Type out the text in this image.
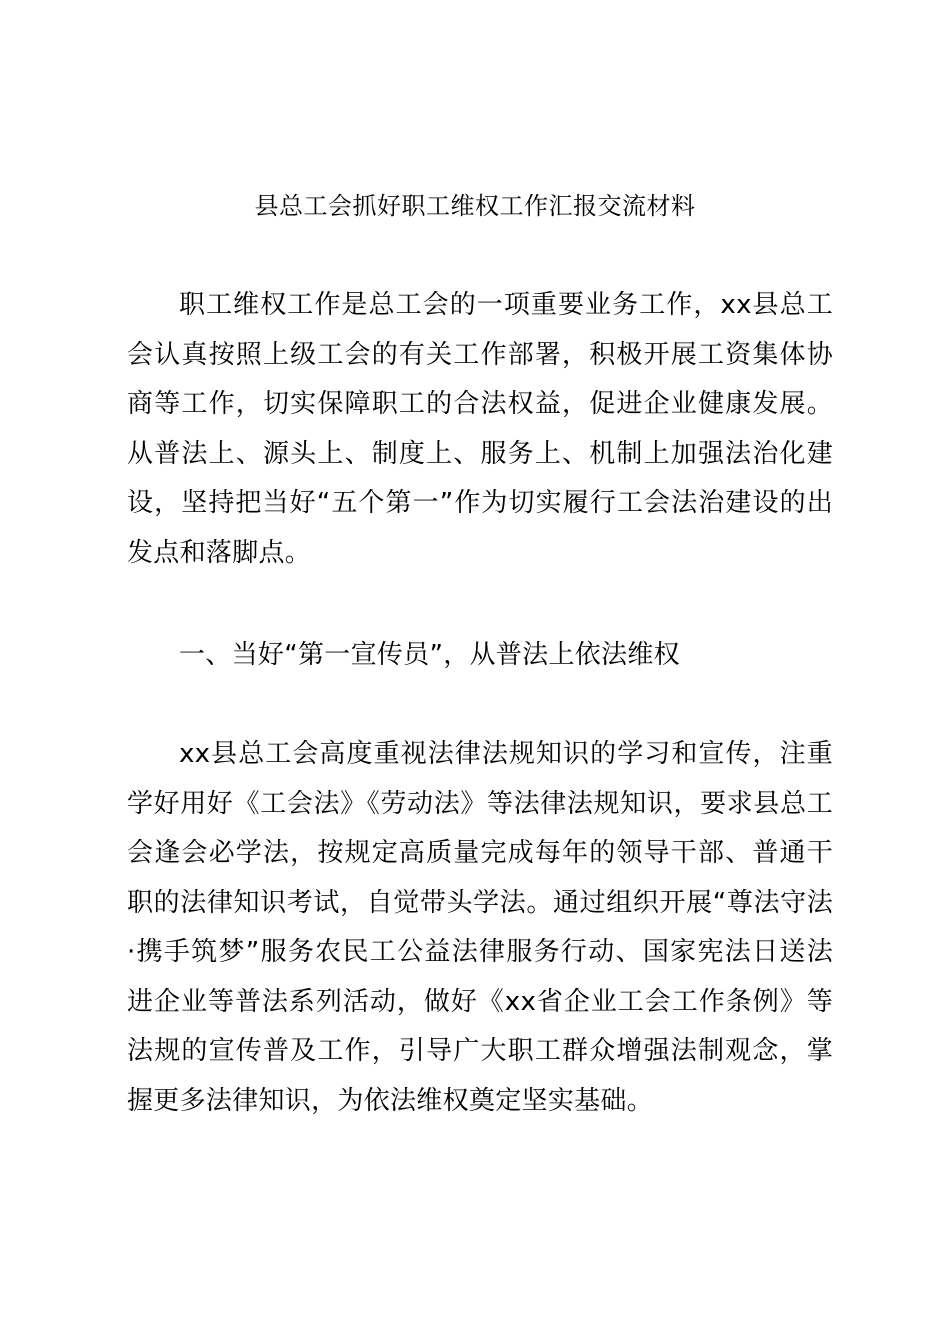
县总工会抓好职工维权工作汇报交流材料

职工维权工作是总工会的一项重要业务工作，xx县总工会认真按照上级工会的有关工作部署，积极开展工资集体协商等工作，切实保障职工的合法权益，促进企业健康发展。从普法上、源头上、制度上、服务上、机制上加强法治化建设，坚持把当好“五个第一”作为切实履行工会法治建设的出发点和落脚点。

一、当好“第一宣传员”，从普法上依法维权

xx县总工会高度重视法律法规知识的学习和宣传，注重学好用好《工会法》《劳动法》等法律法规知识，要求县总工会逢会必学法，按规定高质量完成每年的领导干部、普通干职的法律知识考试，自觉带头学法。通过组织开展“尊法守法·携手筑梦”服务农民工公益法律服务行动、国家宪法日送法进企业等普法系列活动，做好《xx省企业工会工作条例》等法规的宣传普及工作，引导广大职工群众增强法制观念，掌握更多法律知识，为依法维权奠定坚实基础。
